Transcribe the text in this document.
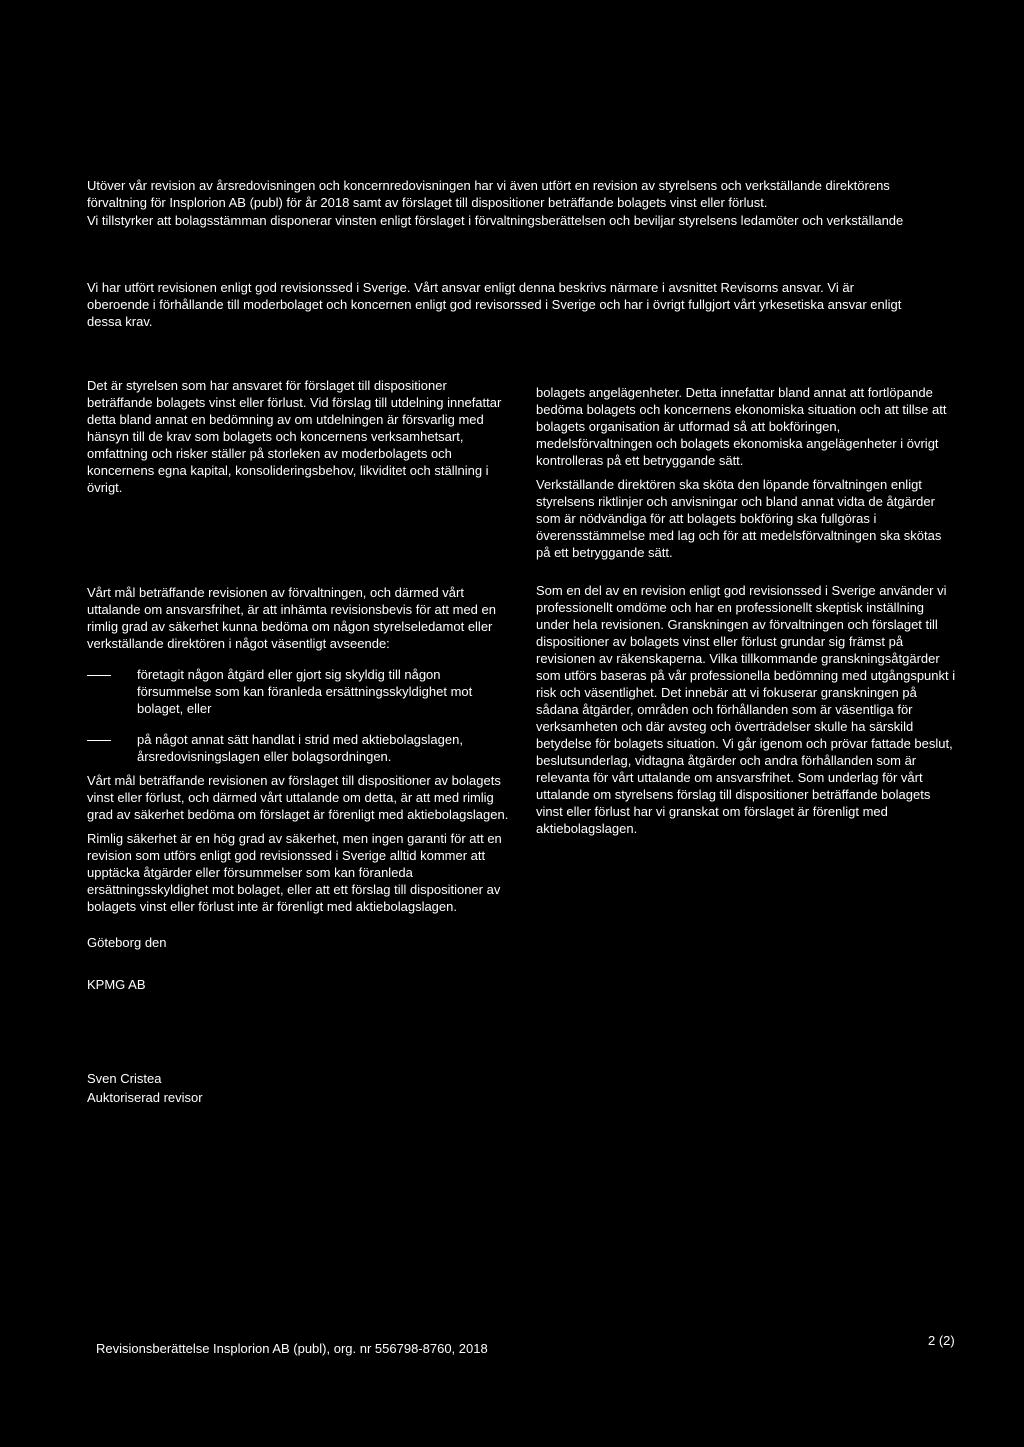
Utöver vår revision av årsredovisningen och koncernredovisningen har vi även utfört en revision av styrelsens och verkställande direktörens

förvaltning för Insplorion AB (publ) för år 2018 samt av förslaget till dispositioner beträffande bolagets vinst eller förlust.

Vi tillstyrker att bolagsstämman disponerar vinsten enligt förslaget i förvaltningsberättelsen och beviljar styrelsens ledamöter och verkställande

Vi har utfört revisionen enligt god revisionssed i Sverige. Vårt ansvar enligt denna beskrivs närmare i avsnittet Revisorns ansvar. Vi är

oberoende i förhållande till moderbolaget och koncernen enligt god revisorssed i Sverige och har i övrigt fullgjort vårt yrkesetiska ansvar enligt

dessa krav.

Det är styrelsen som har ansvaret för förslaget till dispositioner beträffande bolagets vinst eller förlust. Vid förslag till utdelning innefattar detta bland annat en bedömning av om utdelningen är försvarlig med hänsyn till de krav som bolagets och koncernens verksamhetsart, omfattning och risker ställer på storleken av moderbolagets och koncernens egna kapital, konsolideringsbehov, likviditet och ställning i övrigt.

bolagets angelägenheter. Detta innefattar bland annat att fortlöpande bedöma bolagets och koncernens ekonomiska situation och att tillse att bolagets organisation är utformad så att bokföringen, medelsförvaltningen och bolagets ekonomiska angelägenheter i övrigt kontrolleras på ett betryggande sätt.

Verkställande direktören ska sköta den löpande förvaltningen enligt styrelsens riktlinjer och anvisningar och bland annat vidta de åtgärder som är nödvändiga för att bolagets bokföring ska fullgöras i överensstämmelse med lag och för att medelsförvaltningen ska skötas på ett betryggande sätt.

Vårt mål beträffande revisionen av förvaltningen, och därmed vårt uttalande om ansvarsfrihet, är att inhämta revisionsbevis för att med en rimlig grad av säkerhet kunna bedöma om någon styrelseledamot eller verkställande direktören i något väsentligt avseende:

företagit någon åtgärd eller gjort sig skyldig till någon försummelse som kan föranleda ersättningsskyldighet mot bolaget, eller

på något annat sätt handlat i strid med aktiebolagslagen, årsredovisningslagen eller bolagsordningen.

Vårt mål beträffande revisionen av förslaget till dispositioner av bolagets vinst eller förlust, och därmed vårt uttalande om detta, är att med rimlig grad av säkerhet bedöma om förslaget är förenligt med aktiebolagslagen.

Rimlig säkerhet är en hög grad av säkerhet, men ingen garanti för att en revision som utförs enligt god revisionssed i Sverige alltid kommer att upptäcka åtgärder eller försummelser som kan föranleda ersättningsskyldighet mot bolaget, eller att ett förslag till dispositioner av bolagets vinst eller förlust inte är förenligt med aktiebolagslagen.

Som en del av en revision enligt god revisionssed i Sverige använder vi professionellt omdöme och har en professionellt skeptisk inställning under hela revisionen. Granskningen av förvaltningen och förslaget till dispositioner av bolagets vinst eller förlust grundar sig främst på revisionen av räkenskaperna. Vilka tillkommande granskningsåtgärder som utförs baseras på vår professionella bedömning med utgångspunkt i risk och väsentlighet. Det innebär att vi fokuserar granskningen på sådana åtgärder, områden och förhållanden som är väsentliga för verksamheten och där avsteg och överträdelser skulle ha särskild betydelse för bolagets situation. Vi går igenom och prövar fattade beslut, beslutsunderlag, vidtagna åtgärder och andra förhållanden som är relevanta för vårt uttalande om ansvarsfrihet. Som underlag för vårt uttalande om styrelsens förslag till dispositioner beträffande bolagets vinst eller förlust har vi granskat om förslaget är förenligt med aktiebolagslagen.

Göteborg den
KPMG AB
Sven Cristea
Auktoriserad revisor
Revisionsberättelse Insplorion AB (publ), org. nr 556798-8760, 2018
2 (2)
